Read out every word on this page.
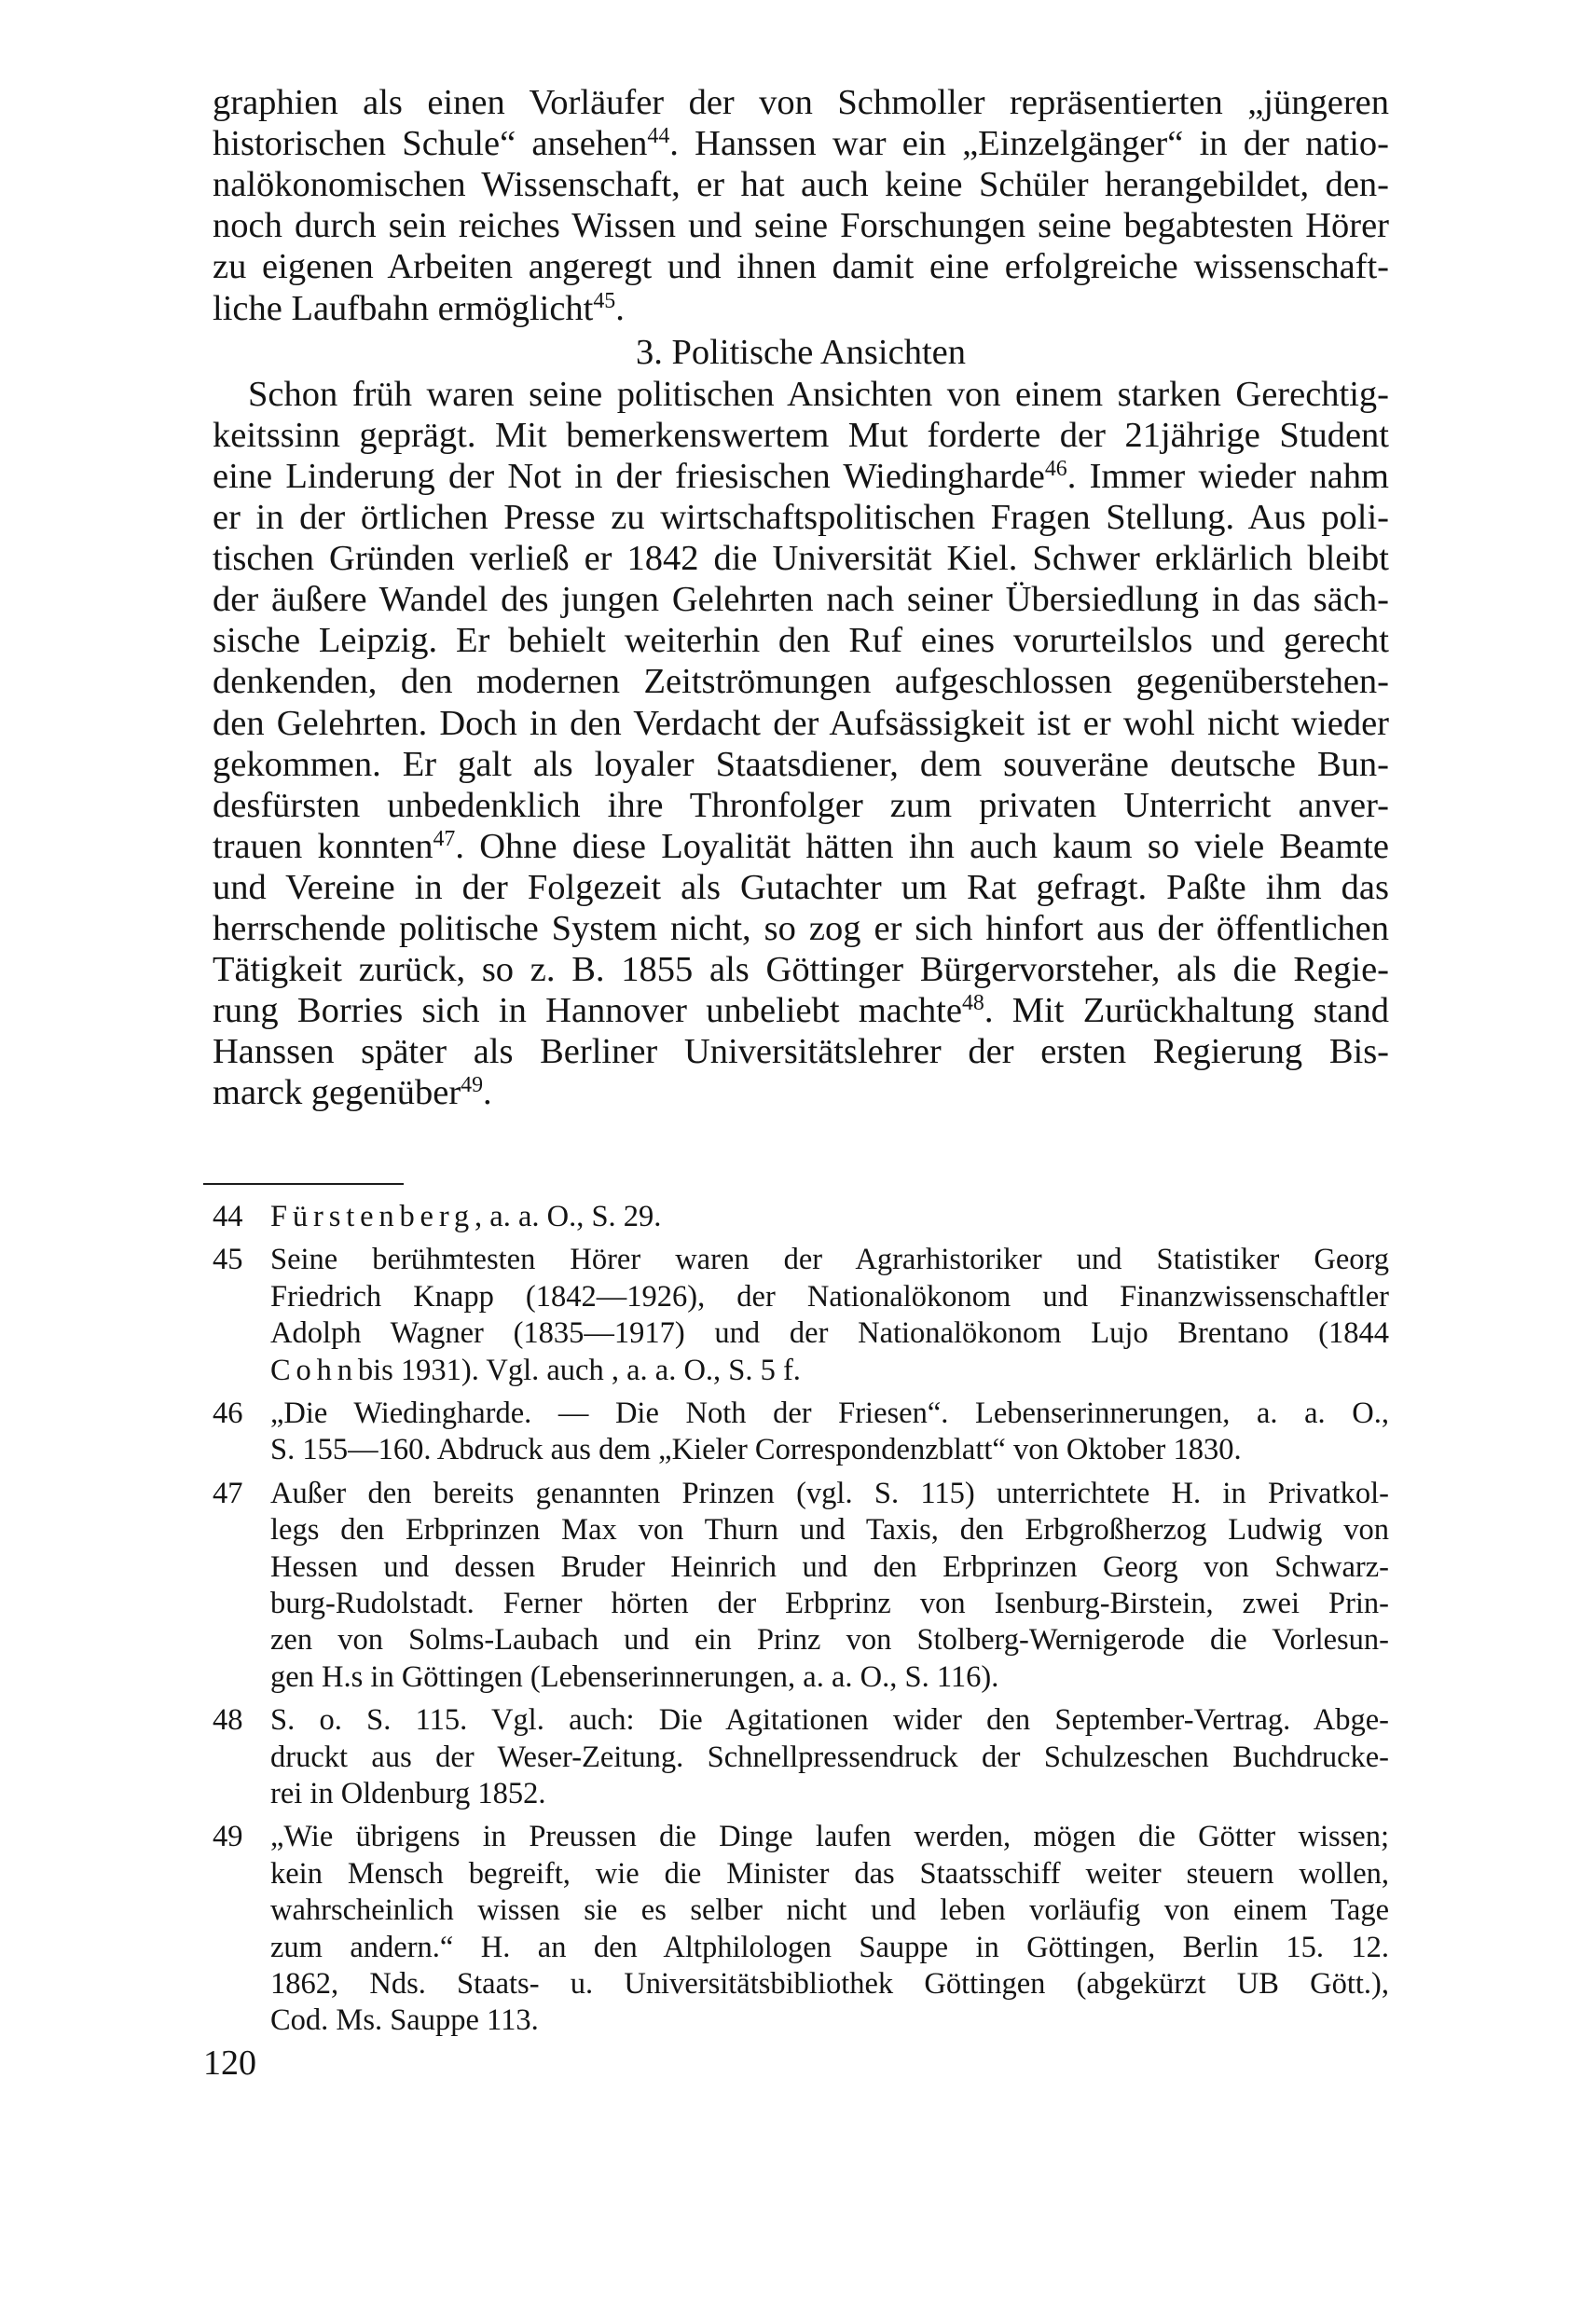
graphien als einen Vorläufer der von Schmoller repräsentierten „jüngeren
historischen Schule“ ansehen$^{44}$. Hanssen war ein „Einzelgänger“ in der natio-
nalökonomischen Wissenschaft, er hat auch keine Schüler herangebildet, den-
noch durch sein reiches Wissen und seine Forschungen seine begabtesten Hörer
zu eigenen Arbeiten angeregt und ihnen damit eine erfolgreiche wissenschaft-
liche Laufbahn ermöglicht$^{45}$.
3. Politische Ansichten
Schon früh waren seine politischen Ansichten von einem starken Gerechtig-
keitssinn geprägt. Mit bemerkenswertem Mut forderte der 21jährige Student
eine Linderung der Not in der friesischen Wiedingharde$^{46}$. Immer wieder nahm
er in der örtlichen Presse zu wirtschaftspolitischen Fragen Stellung. Aus poli-
tischen Gründen verließ er 1842 die Universität Kiel. Schwer erklärlich bleibt
der äußere Wandel des jungen Gelehrten nach seiner Übersiedlung in das säch-
sische Leipzig. Er behielt weiterhin den Ruf eines vorurteilslos und gerecht
denkenden, den modernen Zeitströmungen aufgeschlossen gegenüberstehen-
den Gelehrten. Doch in den Verdacht der Aufsässigkeit ist er wohl nicht wieder
gekommen. Er galt als loyaler Staatsdiener, dem souveräne deutsche Bun-
desfürsten unbedenklich ihre Thronfolger zum privaten Unterricht anver-
trauen konnten$^{47}$. Ohne diese Loyalität hätten ihn auch kaum so viele Beamte
und Vereine in der Folgezeit als Gutachter um Rat gefragt. Paßte ihm das
herrschende politische System nicht, so zog er sich hinfort aus der öffentlichen
Tätigkeit zurück, so z. B. 1855 als Göttinger Bürgervorsteher, als die Regie-
rung Borries sich in Hannover unbeliebt machte$^{48}$. Mit Zurückhaltung stand
Hanssen später als Berliner Universitätslehrer der ersten Regierung Bis-
marck gegenüber$^{49}$.
44 Fürstenberg, a. a. O., S. 29.
45 Seine berühmtesten Hörer waren der Agrarhistoriker und Statistiker Georg
Friedrich Knapp (1842—1926), der Nationalökonom und Finanzwissenschaftler
Adolph Wagner (1835—1917) und der Nationalökonom Lujo Brentano (1844
Cohnbis 1931). Vgl. auch , a. a. O., S. 5 f.
46 „Die Wiedingharde. — Die Noth der Friesen“. Lebenserinnerungen, a. a. O.,
S. 155—160. Abdruck aus dem „Kieler Correspondenzblatt“ von Oktober 1830.
47 Außer den bereits genannten Prinzen (vgl. S. 115) unterrichtete H. in Privatkol-
legs den Erbprinzen Max von Thurn und Taxis, den Erbgroßherzog Ludwig von
Hessen und dessen Bruder Heinrich und den Erbprinzen Georg von Schwarz-
burg-Rudolstadt. Ferner hörten der Erbprinz von Isenburg-Birstein, zwei Prin-
zen von Solms-Laubach und ein Prinz von Stolberg-Wernigerode die Vorlesun-
gen H.s in Göttingen (Lebenserinnerungen, a. a. O., S. 116).
48 S. o. S. 115. Vgl. auch: Die Agitationen wider den September-Vertrag. Abge-
druckt aus der Weser-Zeitung. Schnellpressendruck der Schulzeschen Buchdrucke-
rei in Oldenburg 1852.
49 „Wie übrigens in Preussen die Dinge laufen werden, mögen die Götter wissen;
kein Mensch begreift, wie die Minister das Staatsschiff weiter steuern wollen,
wahrscheinlich wissen sie es selber nicht und leben vorläufig von einem Tage
zum andern.“ H. an den Altphilologen Sauppe in Göttingen, Berlin 15. 12.
1862, Nds. Staats- u. Universitätsbibliothek Göttingen (abgekürzt UB Gött.),
Cod. Ms. Sauppe 113.
120
